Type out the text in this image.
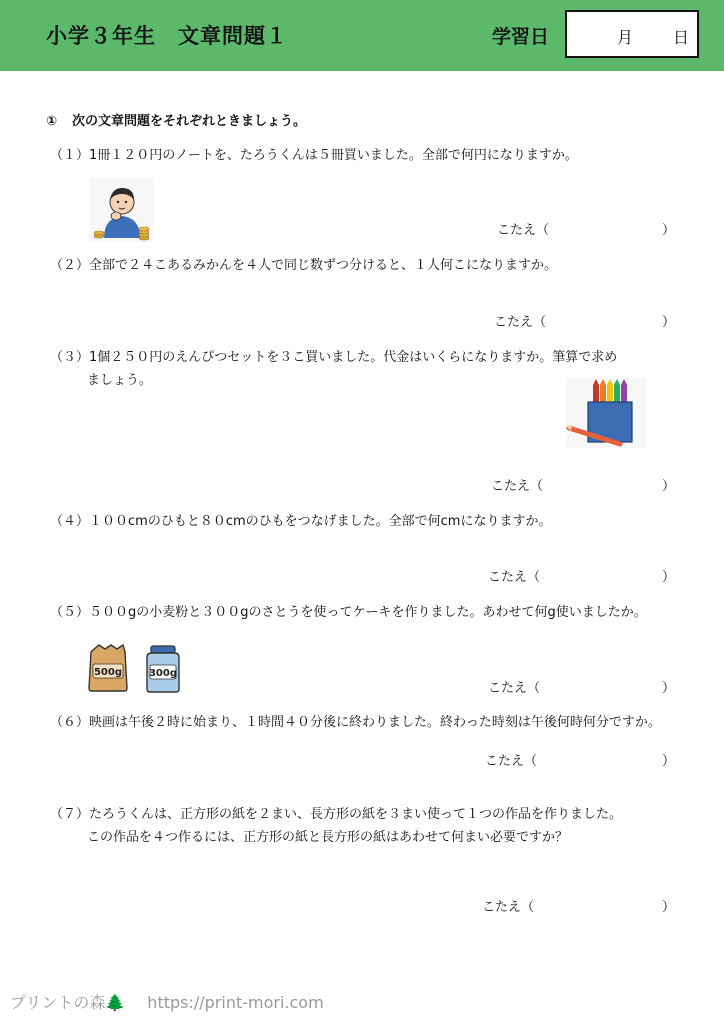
小学３年生　文章問題１	学習日	月 日
① 次の文章問題をそれぞれときましょう。
（１）1冊１２０円のノートを、たろうくんは５冊買いました。全部で何円になりますか。
こたえ（	）
（２）全部で２４こあるみかんを４人で同じ数ずつ分けると、１人何こになりますか。
こたえ（	）
（３）1個２５０円のえんぴつセットを３こ買いました。代金はいくらになりますか。筆算で求め
ましょう。
こたえ（	）
（４）１００cmのひもと８０cmのひもをつなげました。全部で何cmになりますか。
こたえ（	）
（５）５００gの小麦粉と３００gのさとうを使ってケーキを作りました。あわせて何g使いましたか。
500g	300g
こたえ（	）
（６）映画は午後２時に始まり、１時間４０分後に終わりました。終わった時刻は午後何時何分ですか。
こたえ（	）
（７）たろうくんは、正方形の紙を２まい、長方形の紙を３まい使って１つの作品を作りました。
この作品を４つ作るには、正方形の紙と長方形の紙はあわせて何まい必要ですか？
こたえ（	）
プリントの森🌲 https://print-mori.com
